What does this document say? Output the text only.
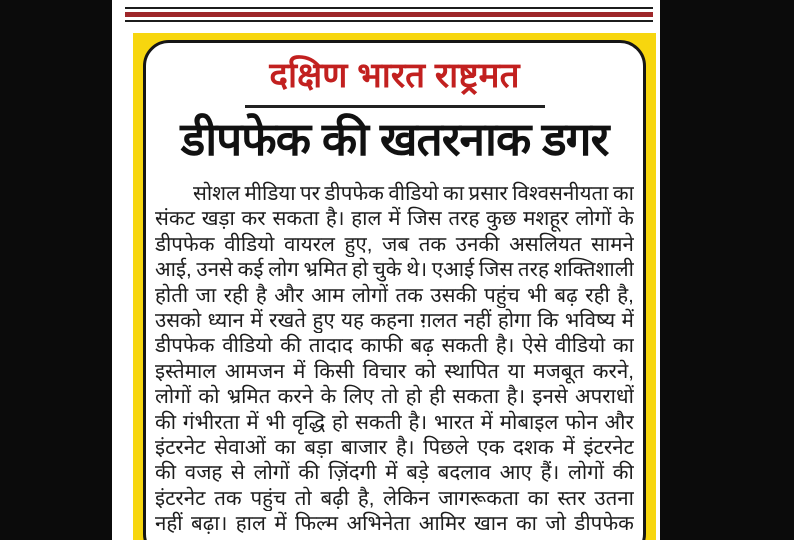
दक्षिण भारत राष्ट्रमत
डीपफेक की खतरनाक डगर
सोशल मीडिया पर डीपफेक वीडियो का प्रसार विश्वसनीयता का
संकट खड़ा कर सकता है। हाल में जिस तरह कुछ मशहूर लोगों के
डीपफेक वीडियो वायरल हुए, जब तक उनकी असलियत सामने
आई, उनसे कई लोग भ्रमित हो चुके थे। एआई जिस तरह शक्तिशाली
होती जा रही है और आम लोगों तक उसकी पहुंच भी बढ़ रही है,
उसको ध्यान में रखते हुए यह कहना ग़लत नहीं होगा कि भविष्य में
डीपफेक वीडियो की तादाद काफी बढ़ सकती है। ऐसे वीडियो का
इस्तेमाल आमजन में किसी विचार को स्थापित या मजबूत करने,
लोगों को भ्रमित करने के लिए तो हो ही सकता है। इनसे अपराधों
की गंभीरता में भी वृद्धि हो सकती है। भारत में मोबाइल फोन और
इंटरनेट सेवाओं का बड़ा बाजार है। पिछले एक दशक में इंटरनेट
की वजह से लोगों की ज़िंदगी में बड़े बदलाव आए हैं। लोगों की
इंटरनेट तक पहुंच तो बढ़ी है, लेकिन जागरूकता का स्तर उतना
नहीं बढ़ा। हाल में फिल्म अभिनेता आमिर खान का जो डीपफेक
